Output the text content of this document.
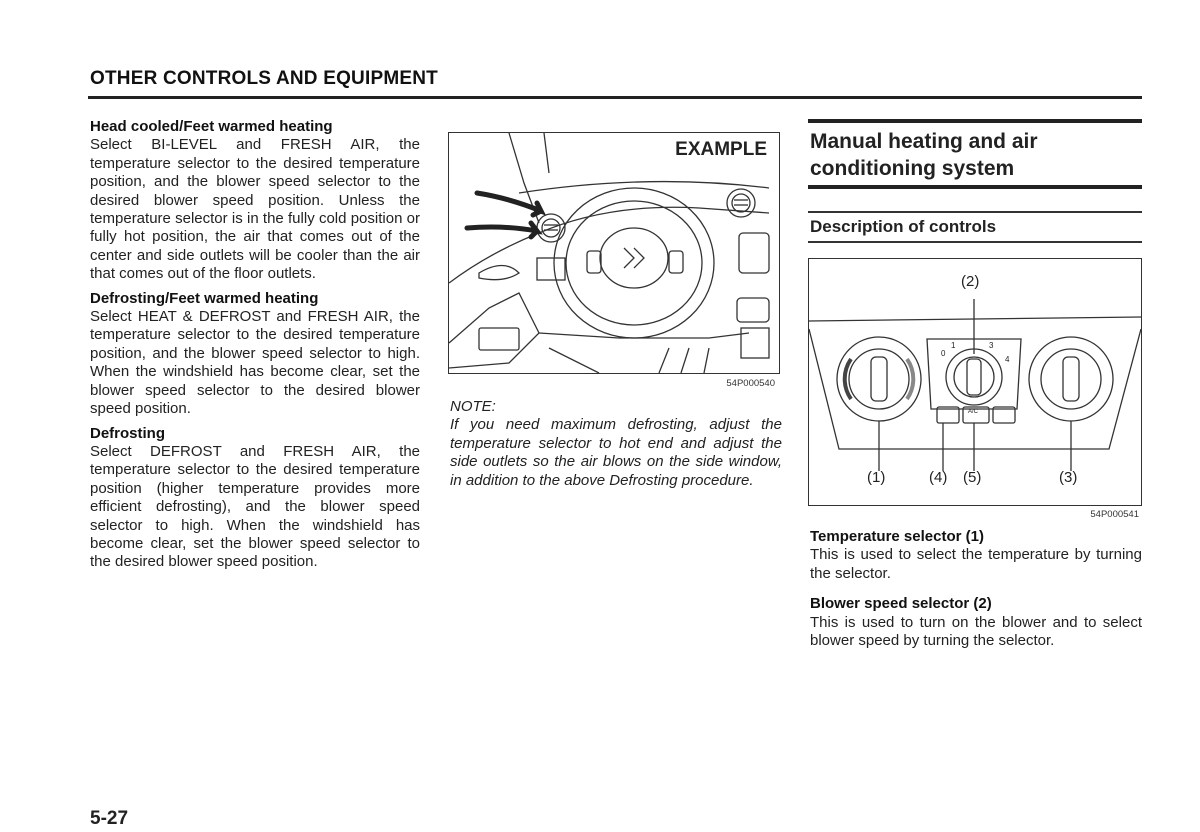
OTHER CONTROLS AND EQUIPMENT
Head cooled/Feet warmed heating

Select BI-LEVEL and FRESH AIR, the temperature selector to the desired temperature position, and the blower speed selector to the desired blower speed position. Unless the temperature selector is in the fully cold position or fully hot position, the air that comes out of the center and side outlets will be cooler than the air that comes out of the floor outlets.

Defrosting/Feet warmed heating

Select HEAT & DEFROST and FRESH AIR, the temperature selector to the desired temperature position, and the blower speed selector to high. When the windshield has become clear, set the blower speed selector to the desired blower speed position.

Defrosting

Select DEFROST and FRESH AIR, the temperature selector to the desired temperature position (higher temperature provides more efficient defrosting), and the blower speed selector to high. When the windshield has become clear, set the blower speed selector to the desired blower speed position.

EXAMPLE
54P000540

NOTE:

If you need maximum defrosting, adjust the temperature selector to hot end and adjust the side outlets so the air blows on the side window, in addition to the above Defrosting procedure.

Manual heating and air conditioning system
Description of controls
(2)
(1)	(4) (5)	(3)
0
1	3
4
A/C
54P000541
Temperature selector (1)

This is used to select the temperature by turning the selector.

Blower speed selector (2)

This is used to turn on the blower and to select blower speed by turning the selector.

5-27
